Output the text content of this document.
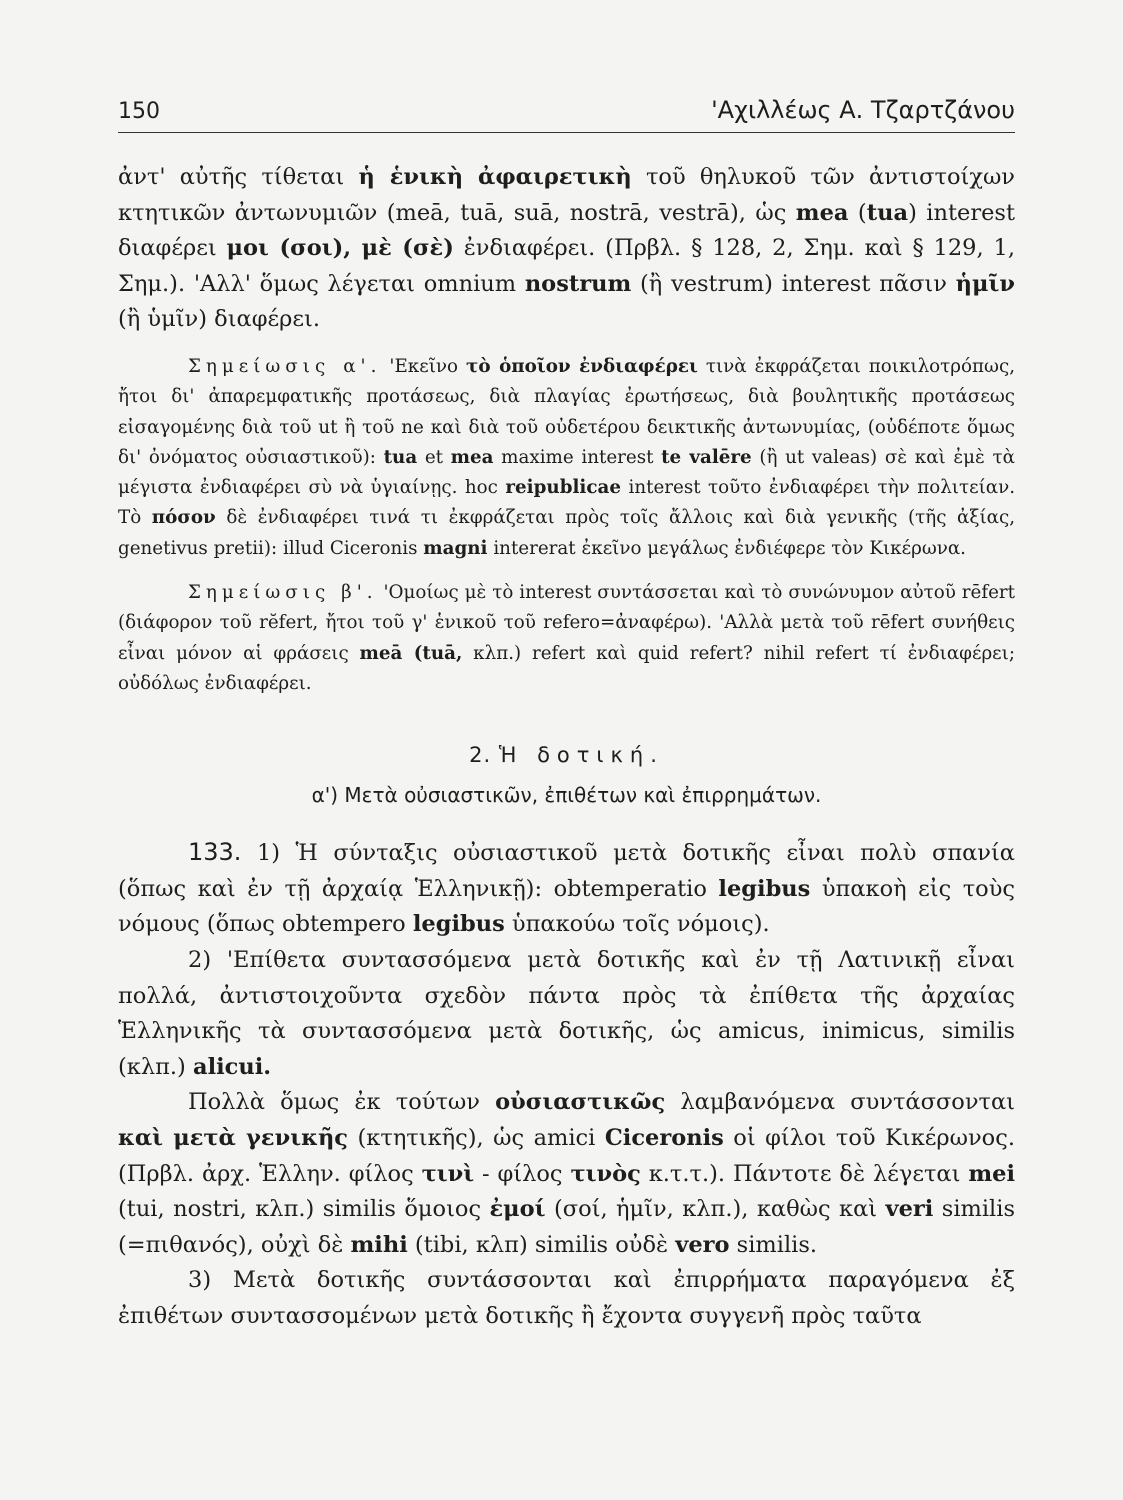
150	'Αχιλλέως Α. Τζαρτζάνου

ἀντ' αὐτῆς τίθεται ἡ ἑνικὴ ἀφαιρετικὴ τοῦ θηλυκοῦ τῶν ἀντιστοίχων κτητικῶν ἀντωνυμιῶν (meā, tuā, suā, nostrā, vestrā), ὡς mea (tua) interest διαφέρει μοι (σοι), μὲ (σὲ) ἐνδιαφέρει. (Πρβλ. § 128, 2, Σημ. καὶ § 129, 1, Σημ.). 'Αλλ' ὅμως λέγεται omnium nostrum (ἢ vestrum) interest πᾶσιν ἡμῖν (ἢ ὑμῖν) διαφέρει.

Σημείωσις α'. 'Εκεῖνο τὸ ὁποῖον ἐνδιαφέρει τινὰ ἐκφράζεται ποικιλοτρόπως, ἤτοι δι' ἀπαρεμφατικῆς προτάσεως, διὰ πλαγίας ἐρωτήσεως, διὰ βουλητικῆς προτάσεως εἰσαγομένης διὰ τοῦ ut ἢ τοῦ ne καὶ διὰ τοῦ οὐδετέρου δεικτικῆς ἀντωνυμίας, (οὐδέποτε ὅμως δι' ὀνόματος οὐσιαστικοῦ): tua et mea maxime interest te valēre (ἢ ut valeas) σὲ καὶ ἐμὲ τὰ μέγιστα ἐνδιαφέρει σὺ νὰ ὑγιαίνῃς. hoc reipublicae interest τοῦτο ἐνδιαφέρει τὴν πολιτείαν. Τὸ πόσον δὲ ἐνδιαφέρει τινά τι ἐκφράζεται πρὸς τοῖς ἄλλοις καὶ διὰ γενικῆς (τῆς ἀξίας, genetivus pretii): illud Ciceronis magni intererat ἐκεῖνο μεγάλως ἐνδιέφερε τὸν Κικέρωνα.

Σημείωσις β'. 'Ομοίως μὲ τὸ interest συντάσσεται καὶ τὸ συνώνυμον αὐτοῦ rēfert (διάφορον τοῦ rĕfert, ἤτοι τοῦ γ' ἑνικοῦ τοῦ refero=ἀναφέρω). 'Αλλὰ μετὰ τοῦ rēfert συνήθεις εἶναι μόνον αἱ φράσεις meā (tuā, κλπ.) refert καὶ quid refert? nihil refert τί ἐνδιαφέρει; οὐδόλως ἐνδιαφέρει.

2. Ἡ δοτική.
α') Μετὰ οὐσιαστικῶν, ἐπιθέτων καὶ ἐπιρρημάτων.

133. 1) Ἡ σύνταξις οὐσιαστικοῦ μετὰ δοτικῆς εἶναι πολὺ σπανία (ὅπως καὶ ἐν τῇ ἀρχαίᾳ Ἑλληνικῇ): obtemperatio legibus ὑπακοὴ εἰς τοὺς νόμους (ὅπως obtempero legibus ὑπακούω τοῖς νόμοις).

2) 'Επίθετα συντασσόμενα μετὰ δοτικῆς καὶ ἐν τῇ Λατινικῇ εἶναι πολλά, ἀντιστοιχοῦντα σχεδὸν πάντα πρὸς τὰ ἐπίθετα τῆς ἀρχαίας Ἑλληνικῆς τὰ συντασσόμενα μετὰ δοτικῆς, ὡς amicus, inimicus, similis (κλπ.) alicui.

Πολλὰ ὅμως ἐκ τούτων οὐσιαστικῶς λαμβανόμενα συντάσσονται καὶ μετὰ γενικῆς (κτητικῆς), ὡς amici Ciceronis οἱ φίλοι τοῦ Κικέρωνος. (Πρβλ. ἀρχ. Ἑλλην. φίλος τινὶ - φίλος τινὸς κ.τ.τ.). Πάντοτε δὲ λέγεται mei (tui, nostri, κλπ.) similis ὅμοιος ἐμοί (σοί, ἡμῖν, κλπ.), καθὼς καὶ veri similis (=πιθανός), οὐχὶ δὲ mihi (tibi, κλπ) similis οὐδὲ vero similis.

3) Μετὰ δοτικῆς συντάσσονται καὶ ἐπιρρήματα παραγόμενα ἐξ ἐπιθέτων συντασσομένων μετὰ δοτικῆς ἢ ἔχοντα συγγενῆ πρὸς ταῦτα
